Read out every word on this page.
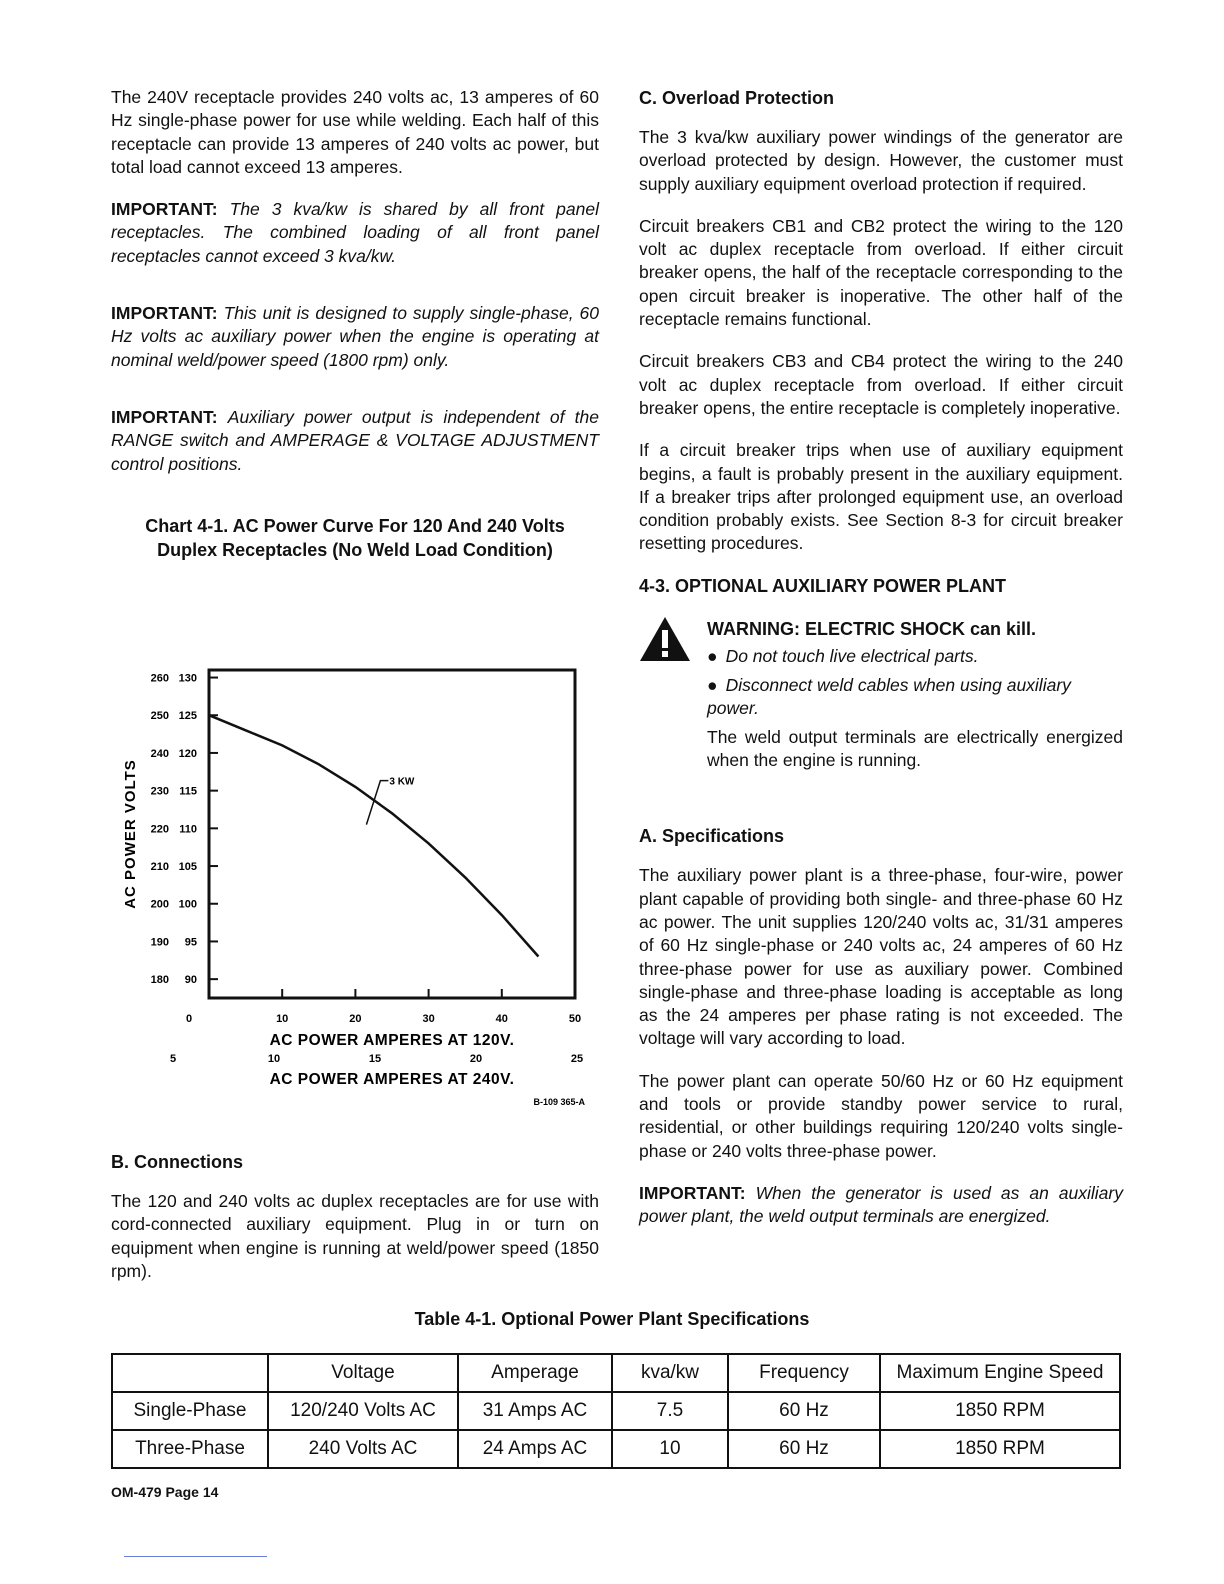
The 240V receptacle provides 240 volts ac, 13 amperes of 60 Hz single-phase power for use while welding. Each half of this receptacle can provide 13 amperes of 240 volts ac power, but total load cannot exceed 13 amperes.

IMPORTANT: The 3 kva/kw is shared by all front panel receptacles. The combined loading of all front panel receptacles cannot exceed 3 kva/kw.

IMPORTANT: This unit is designed to supply single-phase, 60 Hz volts ac auxiliary power when the engine is operating at nominal weld/power speed (1800 rpm) only.

IMPORTANT: Auxiliary power output is independent of the RANGE switch and AMPERAGE & VOLTAGE ADJUSTMENT control positions.

Chart 4-1. AC Power Curve For 120 And 240 Volts

Duplex Receptacles (No Weld Load Condition)

260 130
250 125
240 120
230 115
220 110
210 105
200 100
190 95
180 90
0	10	20	30	40	50
AC POWER AMPERES AT 120V.
5	10	15	20	25
AC POWER AMPERES AT 240V.
B-109 365-A
AC POWER VOLTS	3 KW
B. Connections

The 120 and 240 volts ac duplex receptacles are for use with cord-connected auxiliary equipment. Plug in or turn on equipment when engine is running at weld/power speed (1850 rpm).

C. Overload Protection

The 3 kva/kw auxiliary power windings of the generator are overload protected by design. However, the customer must supply auxiliary equipment overload protection if required.

Circuit breakers CB1 and CB2 protect the wiring to the 120 volt ac duplex receptacle from overload. If either circuit breaker opens, the half of the receptacle corresponding to the open circuit breaker is inoperative. The other half of the receptacle remains functional.

Circuit breakers CB3 and CB4 protect the wiring to the 240 volt ac duplex receptacle from overload. If either circuit breaker opens, the entire receptacle is completely inoperative.

If a circuit breaker trips when use of auxiliary equipment begins, a fault is probably present in the auxiliary equipment. If a breaker trips after prolonged equipment use, an overload condition probably exists. See Section 8-3 for circuit breaker resetting procedures.

4-3. OPTIONAL AUXILIARY POWER PLANT
WARNING: ELECTRIC SHOCK can kill.
● Do not touch live electrical parts.
● Disconnect weld cables when using auxiliary power.

The weld output terminals are electrically energized when the engine is running.

A. Specifications

The auxiliary power plant is a three-phase, four-wire, power plant capable of providing both single- and three-phase 60 Hz ac power. The unit supplies 120/240 volts ac, 31/31 amperes of 60 Hz single-phase or 240 volts ac, 24 amperes of 60 Hz three-phase power for use as auxiliary power. Combined single-phase and three-phase loading is acceptable as long as the 24 amperes per phase rating is not exceeded. The voltage will vary according to load.

The power plant can operate 50/60 Hz or 60 Hz equipment and tools or provide standby power service to rural, residential, or other buildings requiring 120/240 volts single-phase or 240 volts three-phase power.

IMPORTANT: When the generator is used as an auxiliary power plant, the weld output terminals are energized.

Table 4-1. Optional Power Plant Specifications
	Voltage	Amperage	kva/kw	Frequency	Maximum Engine Speed
Single-Phase	120/240 Volts AC	31 Amps AC	7.5	60 Hz	1850 RPM
Three-Phase	240 Volts AC	24 Amps AC	10	60 Hz	1850 RPM
OM-479 Page 14
